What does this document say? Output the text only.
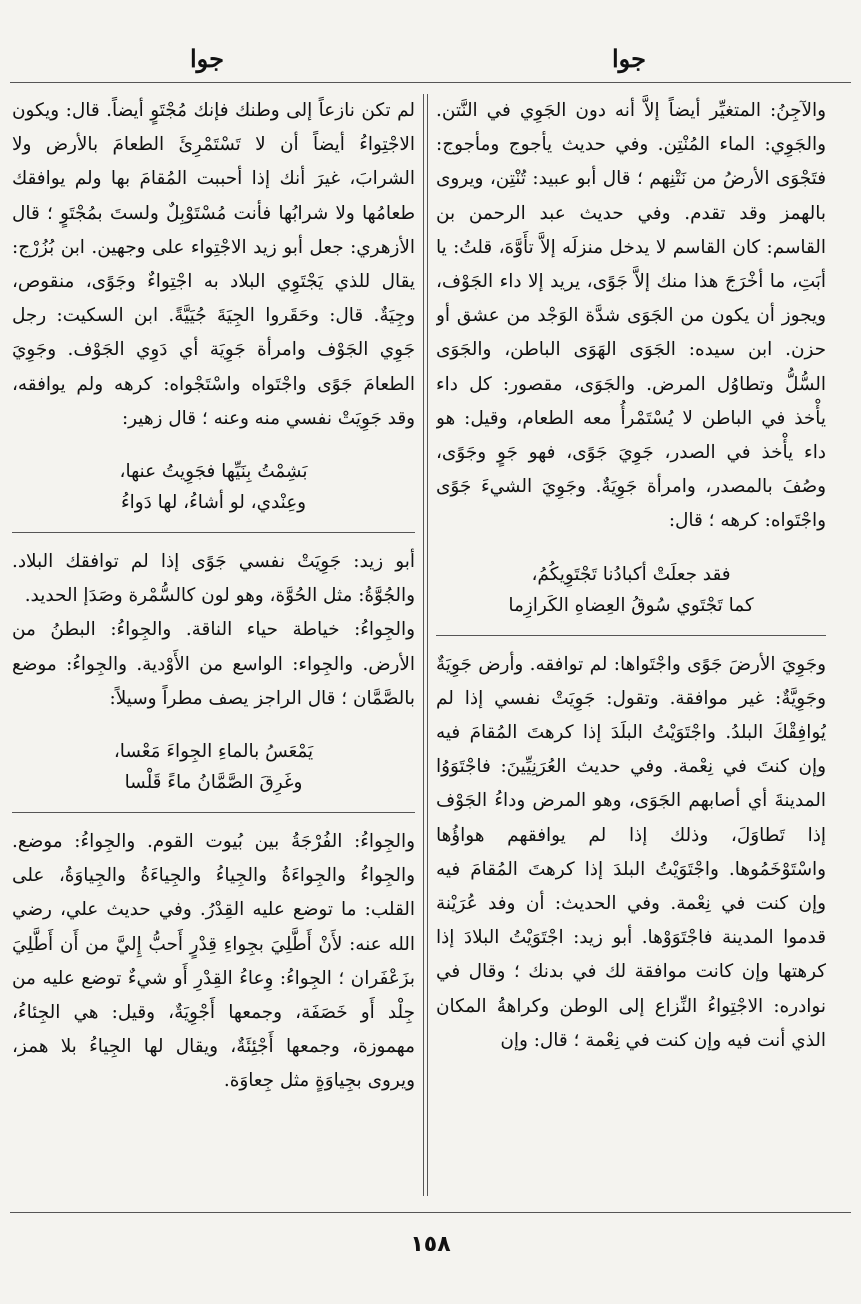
جوا	جوا

والآجِنُ: المتغيِّر أيضاً إلاَّ أنه دون الجَوِي في النَّتن. والجَوِي: الماء المُنْتِن. وفي حديث يأجوج ومأجوج: فتَجْوَى الأرضُ من نَتْنِهم ؛ قال أبو عبيد: تُنْتِن، ويروى بالهمز وقد تقدم. وفي حديث عبد الرحمن بن القاسم: كان القاسم لا يدخل منزلَه إلاَّ تأَوَّهَ، قلتُ: يا أبَتِ، ما أخْرَجَ هذا منك إلاَّ جَوًى، يريد إلا داء الجَوْف، ويجوز أن يكون من الجَوَى شدَّة الوَجْد من عشق أو حزن. ابن سيده: الجَوَى الهَوَى الباطن، والجَوَى السُّلُّ وتطاوُل المرض. والجَوَى، مقصور: كل داء يأْخذ في الباطن لا يُسْتَمْرأُ معه الطعام، وقيل: هو داء يأْخذ في الصدر، جَوِيَ جَوًى، فهو جَوٍ وجَوًى، وصُفَ بالمصدر، وامرأة جَوِيَةٌ. وجَوِيَ الشيءَ جَوًى واجْتَواه: كرهه ؛ قال:

فقد جعلَتْ أكبادُنا تَجْتَوِيكُمُ،
كما تَجْتَوي سُوقُ العِضاهِ الكَرازِما

وجَوِيَ الأرضَ جَوًى واجْتَواها: لم توافقه. وأرض جَوِيَةٌ وجَوِيَّةٌ: غير موافقة. وتقول: جَوِيَتْ نفسي إذا لم يُوافِقْكَ البلدُ. واجْتَوَيْتُ البلَدَ إذا كرهتَ المُقامَ فيه وإن كنتَ في نِعْمة. وفي حديث العُرَنِيِّينَ: فاجْتَوَوُا المدينةَ أي أصابهم الجَوَى، وهو المرض وداءُ الجَوْف إذا تَطاوَلَ، وذلك إذا لم يوافقهم هواؤُها واسْتَوْخَمُوها. واجْتَوَيْتُ البلدَ إذا كرهتَ المُقامَ فيه وإن كنت في نِعْمة. وفي الحديث: أن وفد عُرَيْنة قدموا المدينة فاجْتَوَوْها. أبو زيد: اجْتَوَيْتُ البلادَ إذا كرهتها وإن كانت موافقة لك في بدنك ؛ وقال في نوادره: الاجْتِواءُ النِّزاع إلى الوطن وكراهةُ المكان الذي أنت فيه وإن كنت في نِعْمة ؛ قال: وإن

لم تكن نازعاً إلى وطنك فإنك مُجْتَوٍ أيضاً. قال: ويكون الاجْتِواءُ أيضاً أن لا تَسْتَمْرِئَ الطعامَ بالأرض ولا الشرابَ، غيرَ أنك إذا أحببت المُقامَ بها ولم يوافقك طعامُها ولا شرابُها فأنت مُسْتَوْبِلٌ ولستَ بمُجْتَوٍ ؛ قال الأزهري: جعل أبو زيد الاجْتِواء على وجهين. ابن بُزُرْج: يقال للذي يَجْتَوِي البلاد به اجْتِواءٌ وجَوًى، منقوص، وجِيَةٌ. قال: وحَقَروا الجِيَةَ جُيَيَّةً. ابن السكيت: رجل جَوِي الجَوْف وامرأة جَوِيَة أي دَوِي الجَوْف. وجَوِيَ الطعامَ جَوًى واجْتَواه واسْتَجْواه: كرهه ولم يوافقه، وقد جَوِيَتْ نفسي منه وعنه ؛ قال زهير:

بَشِمْتُ بِنَيِّها فجَوِيتُ عنها،
وعِنْدي، لو أشاءُ، لها دَواءُ

أبو زيد: جَوِيَتْ نفسي جَوًى إذا لم توافقك البلاد. والجُوَّةُ: مثل الحُوَّة، وهو لون كالسُّمْرة وصَدَإ الحديد.

والجِواءُ: خياطة حياء الناقة. والجِواءُ: البطنُ من الأرض. والجِواء: الواسع من الأَوْدية. والجِواءُ: موضع بالصَّمَّان ؛ قال الراجز يصف مطراً وسيلاً:

يَمْعَسُ بالماءِ الجِواءَ مَعْسا،
وغَرِقَ الصَّمَّانُ ماءً قَلْسا

والجِواءُ: الفُرْجَةُ بين بُيوت القوم. والجِواءُ: موضع. والجِواءُ والجِواءَةُ والجِياءُ والجِياءَةُ والجِياوَةُ، على القلب: ما توضع عليه القِدْرُ. وفي حديث علي، رضي الله عنه: لأَنْ أَطَّلِيَ بجِواءِ قِدْرٍ أَحبُّ إِليَّ من أَن أَطَّلِيَ بزَعْفَران ؛ الجِواءُ: وِعاءُ القِدْرِ أَو شيءٌ توضع عليه من جِلْد أَو خَصَفَة، وجمعها أَجْوِيَةٌ، وقيل: هي الجِئاءُ، مهموزة، وجمعها أَجْئِئَةٌ، ويقال لها الجِياءُ بلا همز، ويروى بجِياوَةٍ مثل جِعاوَة.

١٥٨
